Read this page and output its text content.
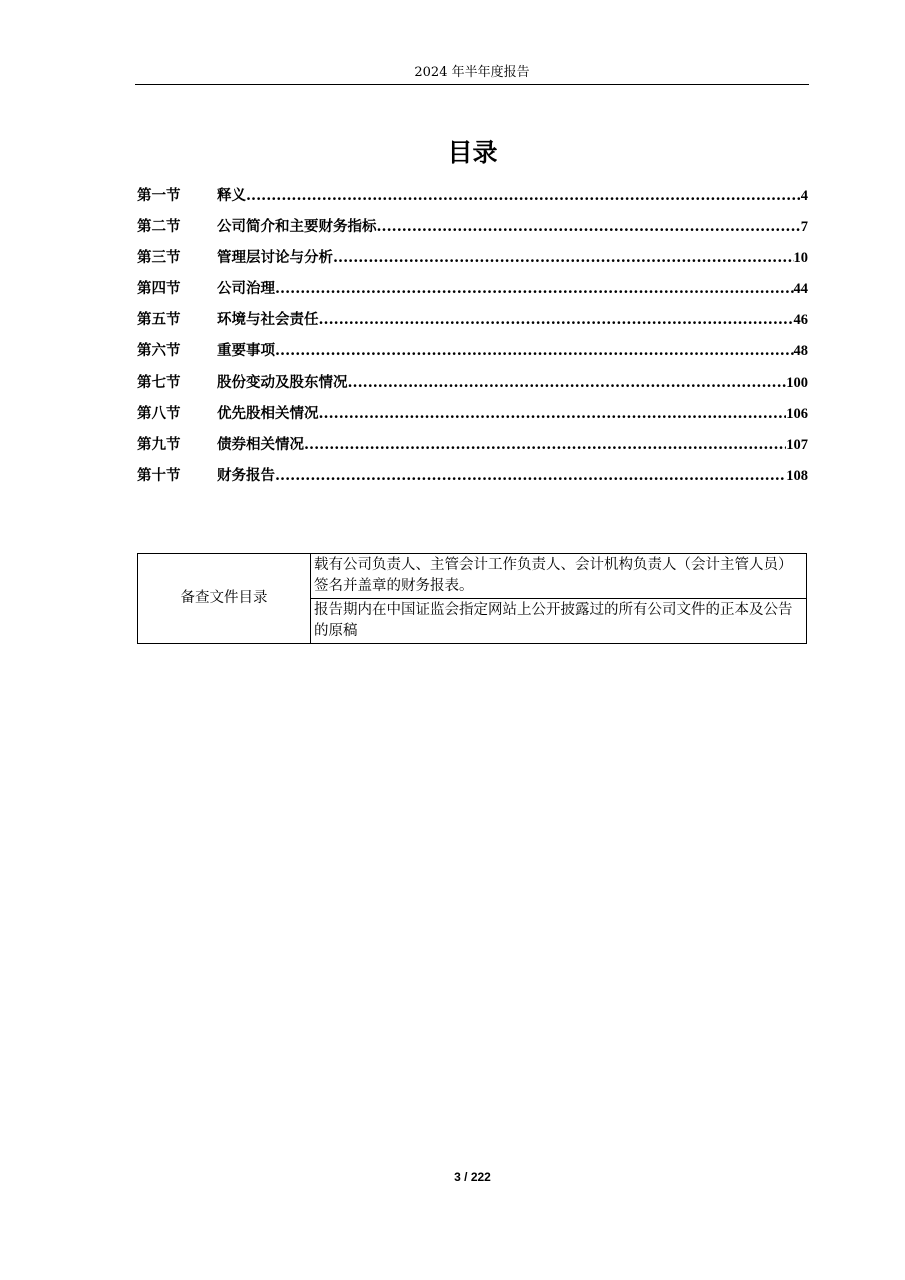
2024 年半年度报告
目录
第一节	释义 .....	4
第二节	公司简介和主要财务指标 .....	7
第三节	管理层讨论与分析 .....	10
第四节	公司治理 .....	44
第五节	环境与社会责任 .....	46
第六节	重要事项 .....	48
第七节	股份变动及股东情况 .....	100
第八节	优先股相关情况 .....	106
第九节	债券相关情况 .....	107
第十节	财务报告 .....	108
备查文件目录	载有公司负责人、主管会计工作负责人、会计机构负责人（会计主管人员）签名并盖章的财务报表。
报告期内在中国证监会指定网站上公开披露过的所有公司文件的正本及公告的原稿
3 / 222
